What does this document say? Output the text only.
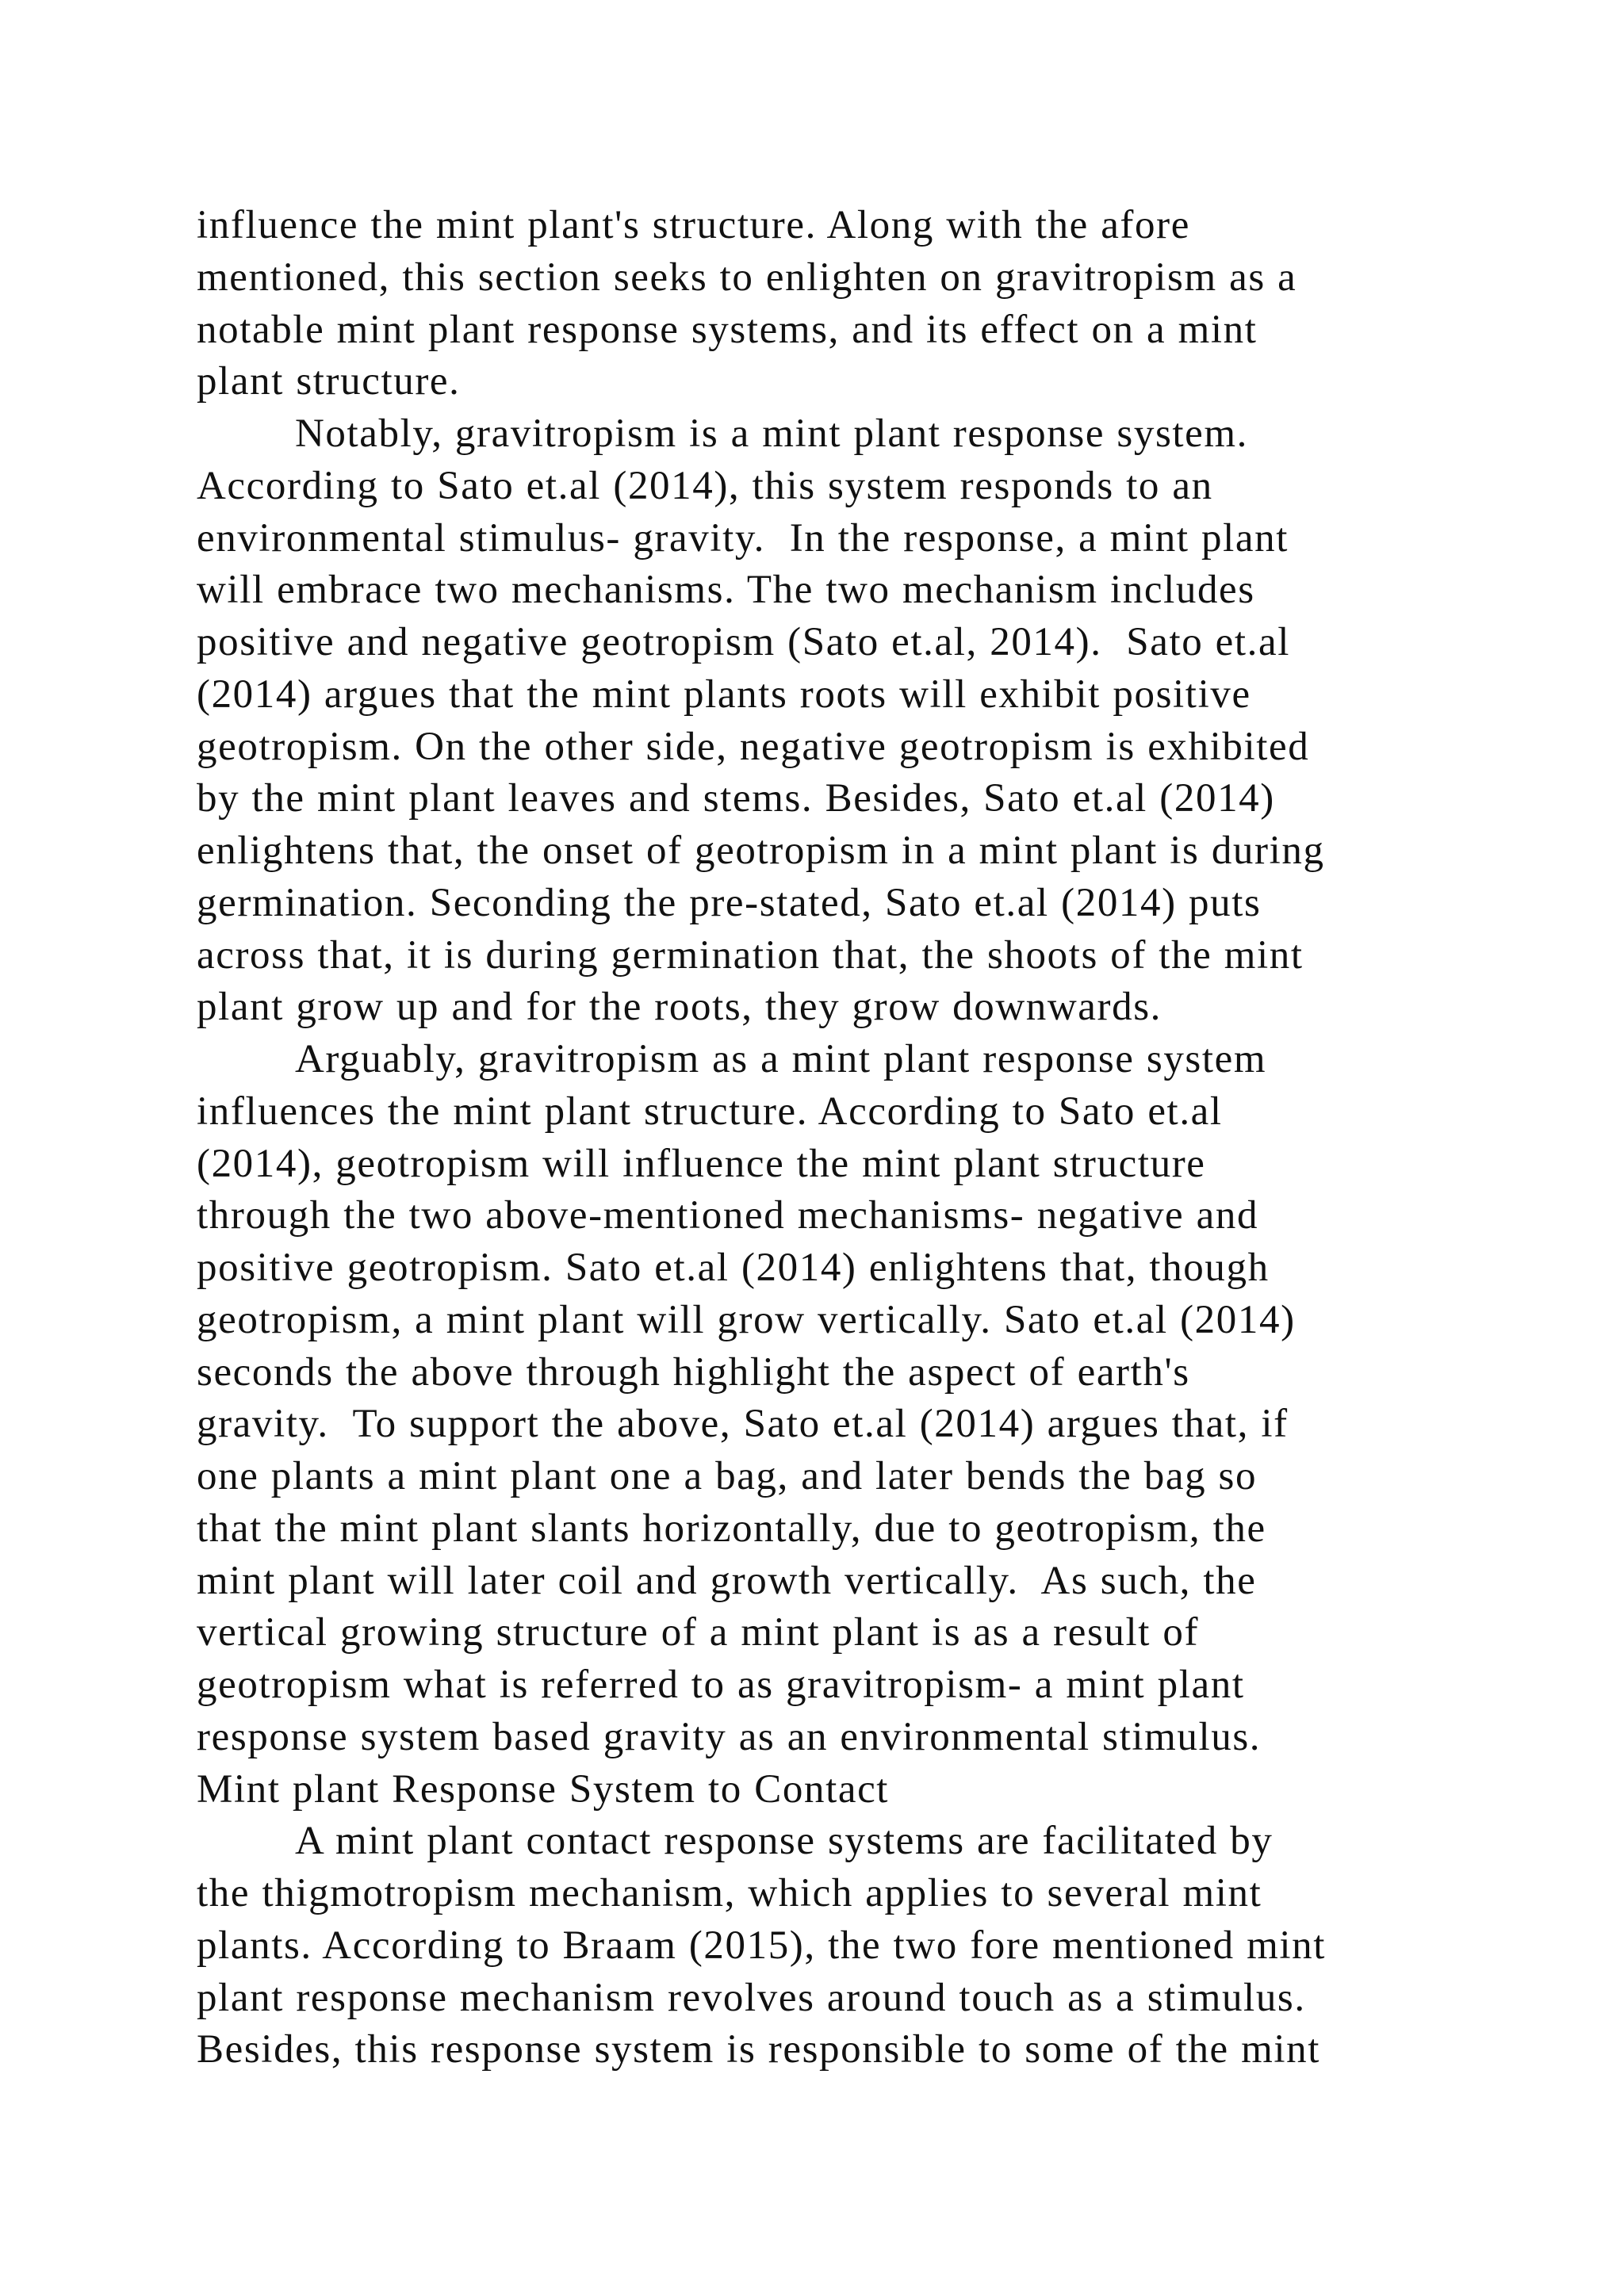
influence the mint plant's structure. Along with the afore
mentioned, this section seeks to enlighten on gravitropism as a
notable mint plant response systems, and its effect on a mint
plant structure.
Notably, gravitropism is a mint plant response system.
According to Sato et.al (2014), this system responds to an
environmental stimulus- gravity.  In the response, a mint plant
will embrace two mechanisms. The two mechanism includes
positive and negative geotropism (Sato et.al, 2014).  Sato et.al
(2014) argues that the mint plants roots will exhibit positive
geotropism. On the other side, negative geotropism is exhibited
by the mint plant leaves and stems. Besides, Sato et.al (2014)
enlightens that, the onset of geotropism in a mint plant is during
germination. Seconding the pre-stated, Sato et.al (2014) puts
across that, it is during germination that, the shoots of the mint
plant grow up and for the roots, they grow downwards.
Arguably, gravitropism as a mint plant response system
influences the mint plant structure. According to Sato et.al
(2014), geotropism will influence the mint plant structure
through the two above-mentioned mechanisms- negative and
positive geotropism. Sato et.al (2014) enlightens that, though
geotropism, a mint plant will grow vertically. Sato et.al (2014)
seconds the above through highlight the aspect of earth's
gravity.  To support the above, Sato et.al (2014) argues that, if
one plants a mint plant one a bag, and later bends the bag so
that the mint plant slants horizontally, due to geotropism, the
mint plant will later coil and growth vertically.  As such, the
vertical growing structure of a mint plant is as a result of
geotropism what is referred to as gravitropism- a mint plant
response system based gravity as an environmental stimulus.
Mint plant Response System to Contact
A mint plant contact response systems are facilitated by
the thigmotropism mechanism, which applies to several mint
plants. According to Braam (2015), the two fore mentioned mint
plant response mechanism revolves around touch as a stimulus.
Besides, this response system is responsible to some of the mint
